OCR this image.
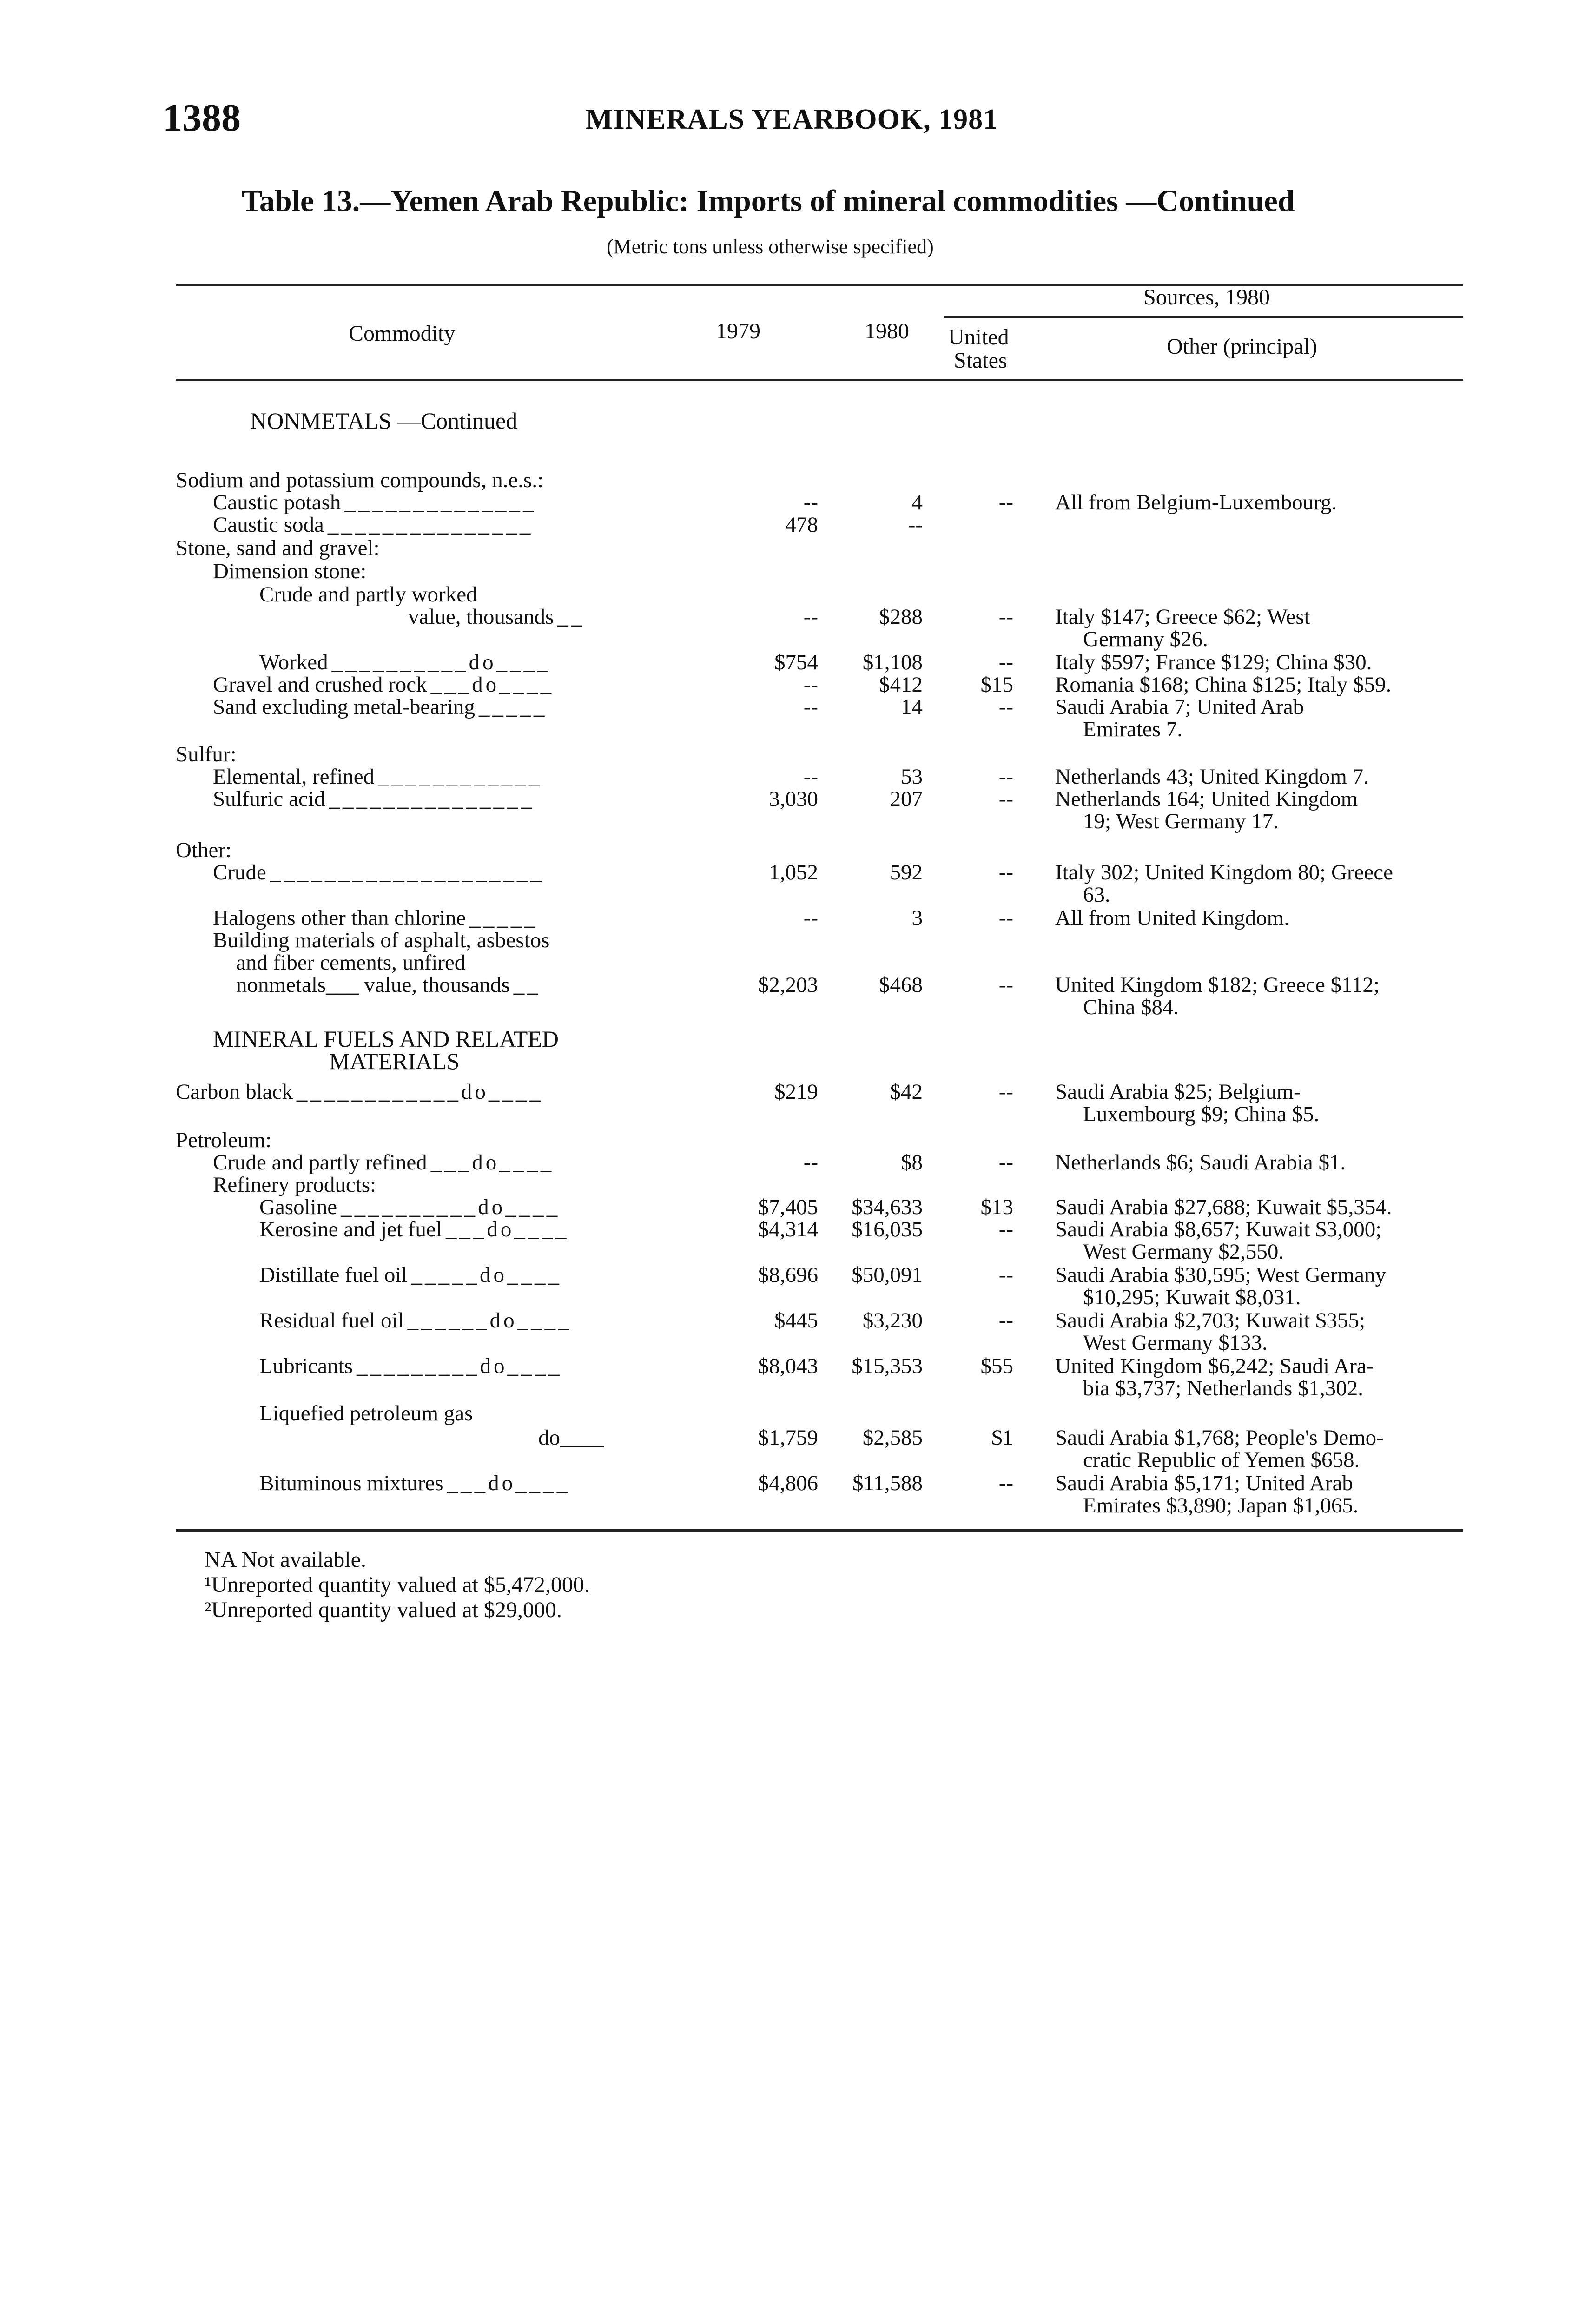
1388	MINERALS YEARBOOK, 1981
Table 13.—Yemen Arab Republic: Imports of mineral commodities —Continued
(Metric tons unless otherwise specified)
Commodity	1979	1980
Sources, 1980
United
States
Other (principal)
NONMETALS —Continued
Sodium and potassium compounds, n.e.s.:
Caustic potash ______________	--	4	-- All from Belgium-Luxembourg.
Caustic soda _______________	478	--
Stone, sand and gravel:
Dimension stone:
Crude and partly worked
value, thousands __	--	$288	-- Italy $147; Greece $62; West
Germany $26.
Worked __________do____	$754 $1,108	-- Italy $597; France $129; China $30.
Gravel and crushed rock ___do____	--	$412	$15 Romania $168; China $125; Italy $59.
Sand excluding metal-bearing _____	--	14	-- Saudi Arabia 7; United Arab
Emirates 7.
Sulfur:
Elemental, refined ____________	--	53	-- Netherlands 43; United Kingdom 7.
Sulfuric acid _______________	3,030	207	-- Netherlands 164; United Kingdom
19; West Germany 17.
Other:
Crude ____________________	1,052	592	-- Italy 302; United Kingdom 80; Greece
63.
Halogens other than chlorine _____	--	3	-- All from United Kingdom.
Building materials of asphalt, asbestos
and fiber cements, unfired
nonmetals___ value, thousands __	$2,203	$468	-- United Kingdom $182; Greece $112;
China $84.
MINERAL FUELS AND RELATED
MATERIALS
Carbon black ____________do____	$219	$42	-- Saudi Arabia $25; Belgium-
Luxembourg $9; China $5.
Petroleum:
Crude and partly refined ___do____	--	$8	-- Netherlands $6; Saudi Arabia $1.
Refinery products:
Gasoline __________do____	$7,405 $34,633	$13 Saudi Arabia $27,688; Kuwait $5,354.
Kerosine and jet fuel ___do____	$4,314 $16,035	-- Saudi Arabia $8,657; Kuwait $3,000;
West Germany $2,550.
Distillate fuel oil _____do____	$8,696 $50,091	-- Saudi Arabia $30,595; West Germany
$10,295; Kuwait $8,031.
Residual fuel oil ______do____	$445 $3,230	-- Saudi Arabia $2,703; Kuwait $355;
West Germany $133.
Lubricants _________do____	$8,043 $15,353	$55 United Kingdom $6,242; Saudi Ara-
bia $3,737; Netherlands $1,302.
Liquefied petroleum gas
do____	$1,759 $2,585	$1 Saudi Arabia $1,768; People's Demo-
cratic Republic of Yemen $658.
Bituminous mixtures ___do____	$4,806 $11,588	-- Saudi Arabia $5,171; United Arab
Emirates $3,890; Japan $1,065.
NA Not available.
¹Unreported quantity valued at $5,472,000.
²Unreported quantity valued at $29,000.
